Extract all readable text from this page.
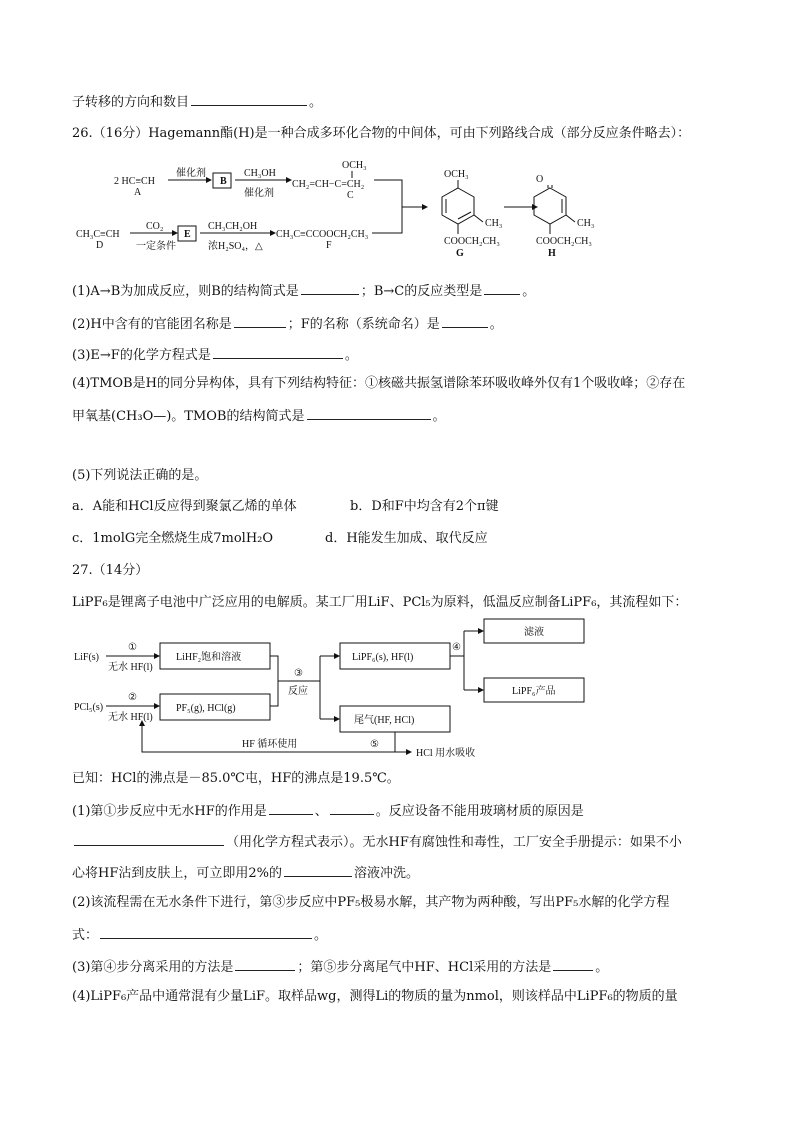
子转移的方向和数目	。
26.（16分）Hagemann酯(H)是一种合成多环化合物的中间体，可由下列路线合成（部分反应条件略去）：
2 HC≡CH
A
催化剂
B
CH₃OH
催化剂
CH₂=CH−C=CH₂
OCH₃
C
CH₃C≡CH
D
CO₂
一定条件
E
CH₃CH₂OH
浓H₂SO₄，△
CH₃C≡CCOOCH₂CH₃
F
OCH₃
CH₃
COOCH₂CH₃
G
O
CH₃
COOCH₂CH₃
H
(1)A→B为加成反应，则B的结构简式是	；B→C的反应类型是	。
(2)H中含有的官能团名称是	；F的名称（系统命名）是	。
(3)E→F的化学方程式是	。
(4)TMOB是H的同分异构体，具有下列结构特征：①核磁共振氢谱除苯环吸收峰外仅有1个吸收峰；②存在
甲氧基(CH₃O—)。TMOB的结构简式是	。
(5)下列说法正确的是。
a．A能和HCl反应得到聚氯乙烯的单体	b．D和F中均含有2个π键
c．1molG完全燃烧生成7molH₂O	d．H能发生加成、取代反应
27.（14分）
LiPF₆是锂离子电池中广泛应用的电解质。某工厂用LiF、PCl₅为原料，低温反应制备LiPF₆，其流程如下：
LiF(s)
①
无水 HF(l)
LiHF₂饱和溶液
PCl₅(s)
②
无水 HF(l)
PF₅(g), HCl(g)
③
反应
LiPF₆(s), HF(l)
④
滤液
LiPF₆产品
尾气(HF, HCl)
⑤
HF 循环使用
HCl 用水吸收
已知：HCl的沸点是－85.0℃屯，HF的沸点是19.5℃。
(1)第①步反应中无水HF的作用是	、	。反应设备不能用玻璃材质的原因是
（用化学方程式表示）。无水HF有腐蚀性和毒性，工厂安全手册提示：如果不小
心将HF沾到皮肤上，可立即用2%的	溶液冲洗。
(2)该流程需在无水条件下进行，第③步反应中PF₅极易水解，其产物为两种酸，写出PF₅水解的化学方程
式：	。
(3)第④步分离采用的方法是	；第⑤步分离尾气中HF、HCl采用的方法是	。
(4)LiPF₆产品中通常混有少量LiF。取样品wg，测得Li的物质的量为nmol，则该样品中LiPF₆的物质的量
